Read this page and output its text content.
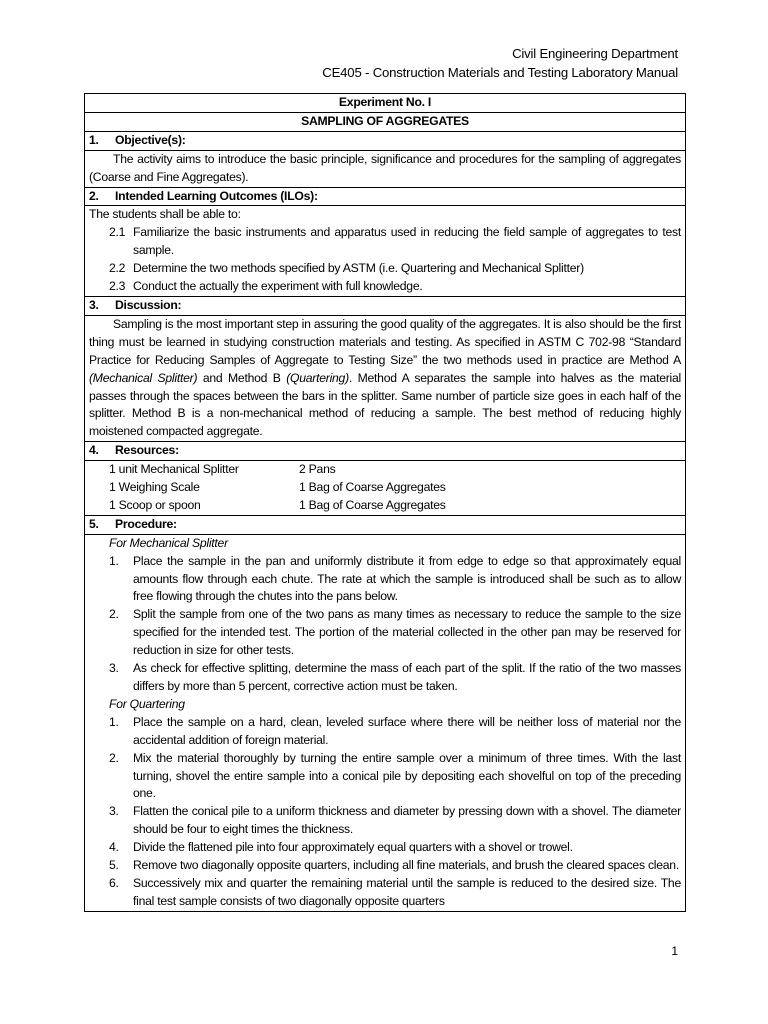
Civil Engineering Department
CE405 - Construction Materials and Testing Laboratory Manual
Experiment No. I
SAMPLING OF AGGREGATES
1. Objective(s):

The activity aims to introduce the basic principle, significance and procedures for the sampling of aggregates (Coarse and Fine Aggregates).

2. Intended Learning Outcomes (ILOs):

The students shall be able to:
2.1 Familiarize the basic instruments and apparatus used in reducing the field sample of aggregates to test sample.
2.2 Determine the two methods specified by ASTM (i.e. Quartering and Mechanical Splitter)
2.3 Conduct the actually the experiment with full knowledge.

3. Discussion:

Sampling is the most important step in assuring the good quality of the aggregates. It is also should be the first thing must be learned in studying construction materials and testing. As specified in ASTM C 702-98 “Standard Practice for Reducing Samples of Aggregate to Testing Size” the two methods used in practice are Method A (Mechanical Splitter) and Method B (Quartering). Method A separates the sample into halves as the material passes through the spaces between the bars in the splitter. Same number of particle size goes in each half of the splitter. Method B is a non-mechanical method of reducing a sample. The best method of reducing highly moistened compacted aggregate.

4. Resources:

1 unit Mechanical Splitter	2 Pans
1 Weighing Scale	1 Bag of Coarse Aggregates
1 Scoop or spoon	1 Bag of Coarse Aggregates

5. Procedure:

For Mechanical Splitter
1. Place the sample in the pan and uniformly distribute it from edge to edge so that approximately equal amounts flow through each chute. The rate at which the sample is introduced shall be such as to allow free flowing through the chutes into the pans below.
2. Split the sample from one of the two pans as many times as necessary to reduce the sample to the size specified for the intended test. The portion of the material collected in the other pan may be reserved for reduction in size for other tests.
3. As check for effective splitting, determine the mass of each part of the split. If the ratio of the two masses differs by more than 5 percent, corrective action must be taken.
For Quartering
1. Place the sample on a hard, clean, leveled surface where there will be neither loss of material nor the accidental addition of foreign material.
2. Mix the material thoroughly by turning the entire sample over a minimum of three times. With the last turning, shovel the entire sample into a conical pile by depositing each shovelful on top of the preceding one.
3. Flatten the conical pile to a uniform thickness and diameter by pressing down with a shovel. The diameter should be four to eight times the thickness.
4. Divide the flattened pile into four approximately equal quarters with a shovel or trowel.
5. Remove two diagonally opposite quarters, including all fine materials, and brush the cleared spaces clean.
6. Successively mix and quarter the remaining material until the sample is reduced to the desired size. The final test sample consists of two diagonally opposite quarters
1
